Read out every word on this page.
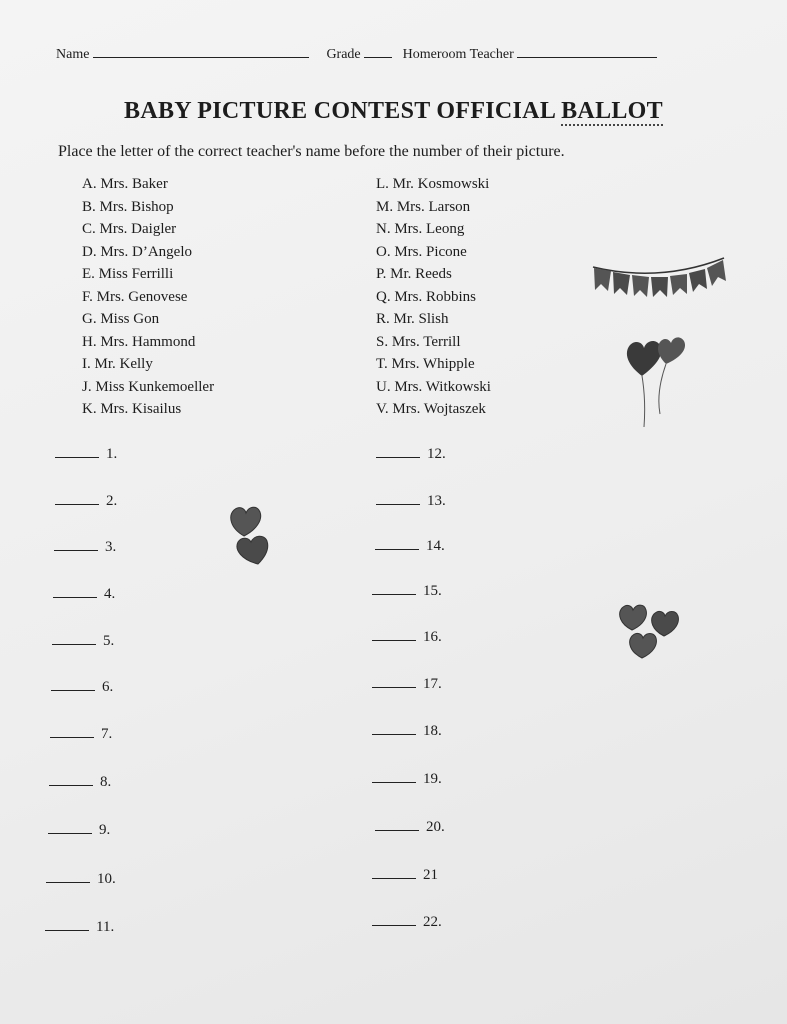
Name	Grade	Homeroom Teacher
BABY PICTURE CONTEST OFFICIAL BALLOT
Place the letter of the correct teacher's name before the number of their picture.
A. Mrs. Baker
B. Mrs. Bishop
C. Mrs. Daigler
D. Mrs. D’Angelo
E. Miss Ferrilli
F. Mrs. Genovese
G. Miss Gon
H. Mrs. Hammond
I. Mr. Kelly
J. Miss Kunkemoeller
K. Mrs. Kisailus
L. Mr. Kosmowski
M. Mrs. Larson
N. Mrs. Leong
O. Mrs. Picone
P. Mr. Reeds
Q. Mrs. Robbins
R. Mr. Slish
S. Mrs. Terrill
T. Mrs. Whipple
U. Mrs. Witkowski
V. Mrs. Wojtaszek
1.
2.
3.
4.
5.
6.
7.
8.
9.
10.
11.
12.
13.
14.
15.
16.
17.
18.
19.
20.
21
22.
